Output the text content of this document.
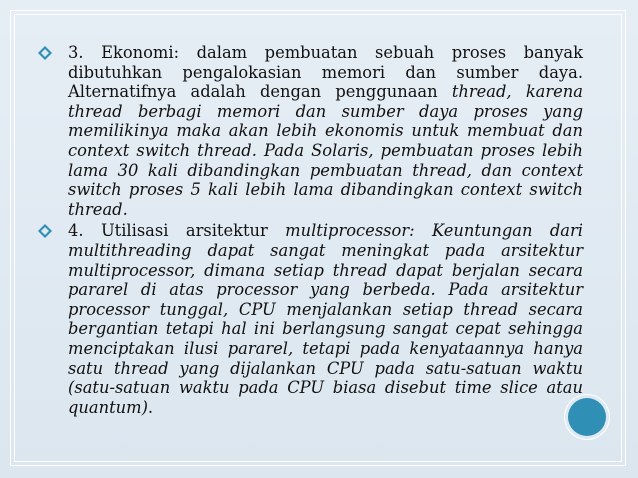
3. Ekonomi: dalam pembuatan sebuah proses banyak dibutuhkan pengalokasian memori dan sumber daya. Alternatifnya adalah dengan penggunaan thread, karena thread berbagi memori dan sumber daya proses yang memilikinya maka akan lebih ekonomis untuk membuat dan context switch thread. Pada Solaris, pembuatan proses lebih lama 30 kali dibandingkan pembuatan thread, dan context switch proses 5 kali lebih lama dibandingkan context switch thread.

4. Utilisasi arsitektur multiprocessor: Keuntungan dari multithreading dapat sangat meningkat pada arsitektur multiprocessor, dimana setiap thread dapat berjalan secara pararel di atas processor yang berbeda. Pada arsitektur processor tunggal, CPU menjalankan setiap thread secara bergantian tetapi hal ini berlangsung sangat cepat sehingga menciptakan ilusi pararel, tetapi pada kenyataannya hanya satu thread yang dijalankan CPU pada satu-satuan waktu (satu-satuan waktu pada CPU biasa disebut time slice atau quantum).
